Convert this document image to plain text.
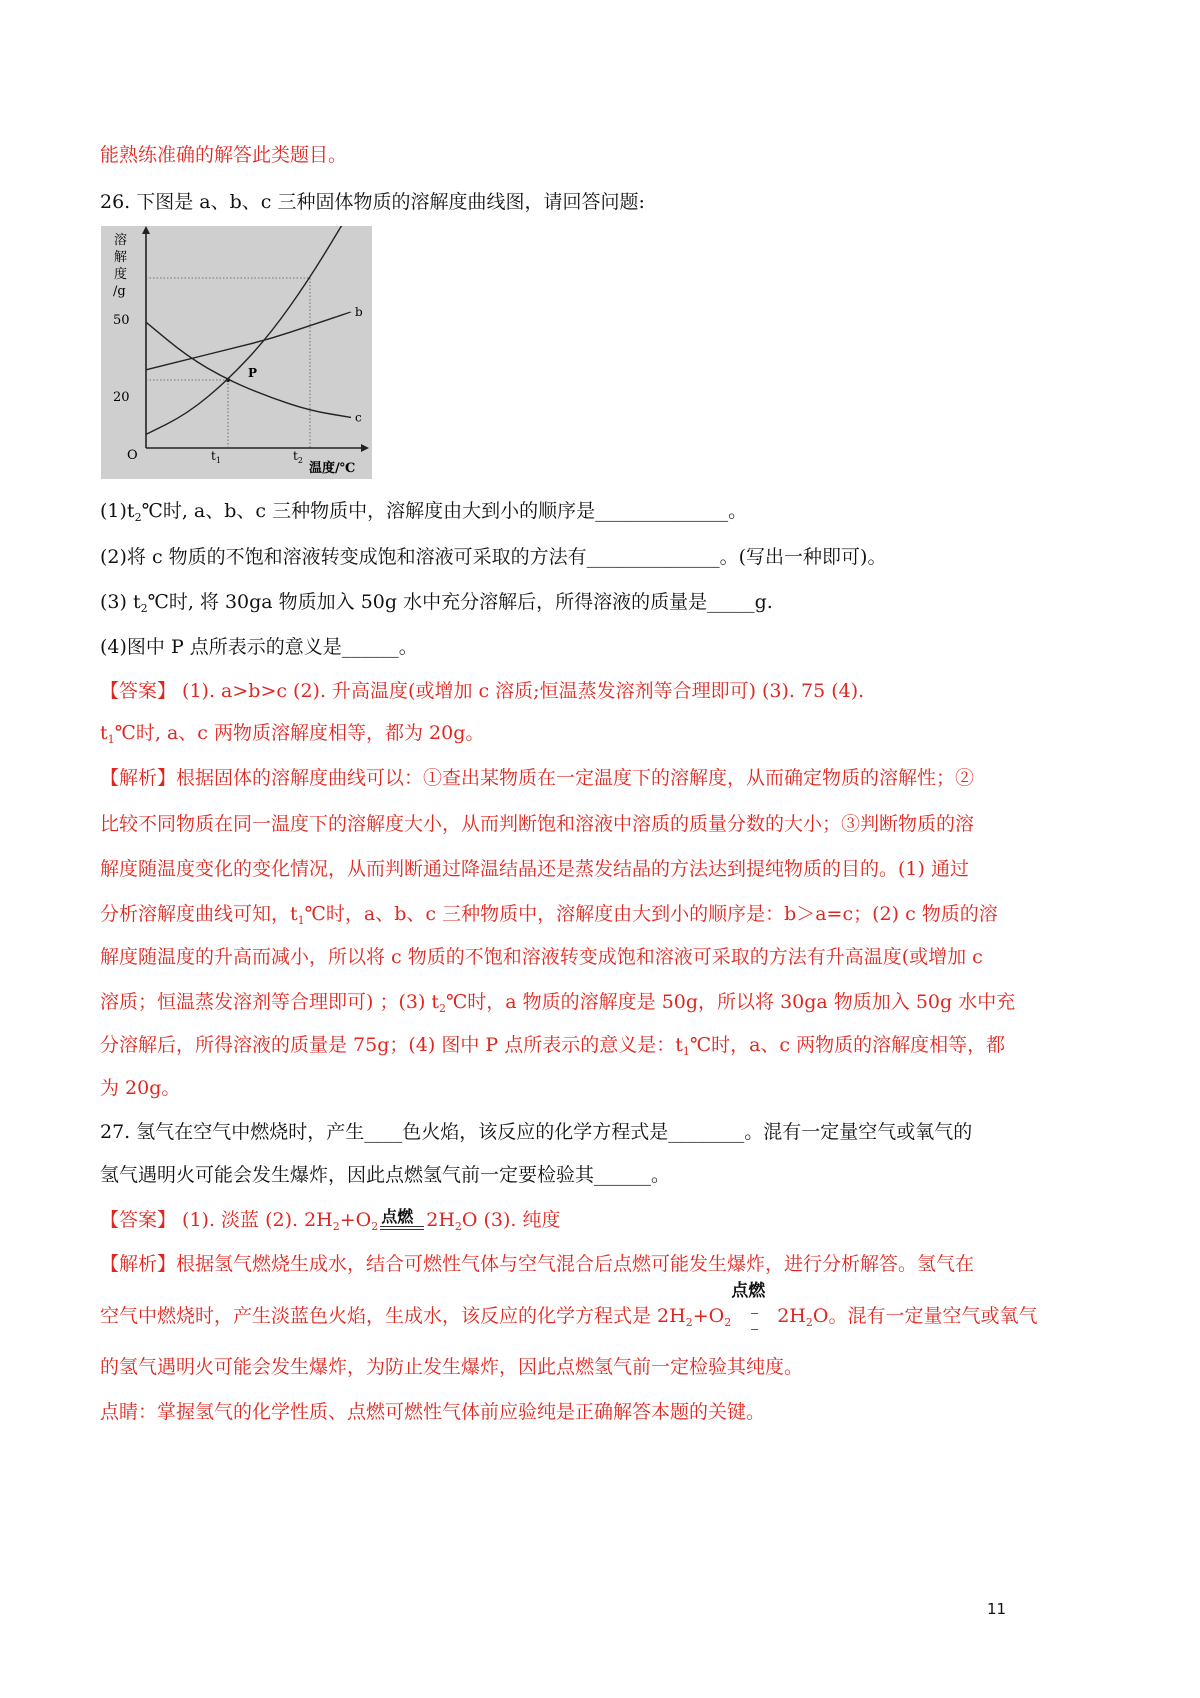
能熟练准确的解答此类题目。
26. 下图是 a、b、c 三种固体物质的溶解度曲线图，请回答问题:
溶
解
度
/g
50
20
O	$t_1$	$t_2$
温度/℃
b
c
P
$(1)t_2℃$时, a、b、c 三种物质中，溶解度由大到小的顺序是______________。
(2)将 c 物质的不饱和溶液转变成饱和溶液可采取的方法有______________。(写出一种即可)。
(3) $t_2℃$时, 将 30ga 物质加入 50g 水中充分溶解后，所得溶液的质量是_____g.
(4)图中 P 点所表示的意义是______。
【答案】 (1). a>b>c (2). 升高温度(或增加 c 溶质;恒温蒸发溶剂等合理即可) (3). 75 (4).
$t_1℃$时, a、c 两物质溶解度相等，都为 20g。
【解析】根据固体的溶解度曲线可以：①查出某物质在一定温度下的溶解度，从而确定物质的溶解性；②
比较不同物质在同一温度下的溶解度大小，从而判断饱和溶液中溶质的质量分数的大小；③判断物质的溶
解度随温度变化的变化情况，从而判断通过降温结晶还是蒸发结晶的方法达到提纯物质的目的。(1) 通过
分析溶解度曲线可知，$t_1℃$时，a、b、c 三种物质中，溶解度由大到小的顺序是：b＞a=c；(2) c 物质的溶
解度随温度的升高而减小，所以将 c 物质的不饱和溶液转变成饱和溶液可采取的方法有升高温度(或增加 c
溶质；恒温蒸发溶剂等合理即可) ；(3) $t_2℃$时，a 物质的溶解度是 50g，所以将 30ga 物质加入 50g 水中充
分溶解后，所得溶液的质量是 75g；(4) 图中 P 点所表示的意义是：$t_1℃$时，a、c 两物质的溶解度相等，都
为 20g。
27. 氢气在空气中燃烧时，产生____色火焰，该反应的化学方程式是________。混有一定量空气或氧气的
氢气遇明火可能会发生爆炸，因此点燃氢气前一定要检验其______。
【答案】 (1). 淡蓝 (2). $2H_2+O_2$
点燃 $2H_2O$ (3). 纯度
【解析】根据氢气燃烧生成水，结合可燃性气体与空气混合后点燃可能发生爆炸，进行分析解答。氢气在
空气中燃烧时，产生淡蓝色火焰，生成水，该反应的化学方程式是 $2H_2+O_2$
点燃
$2H_2O$。混有一定量空气或氧气
的氢气遇明火可能会发生爆炸，为防止发生爆炸，因此点燃氢气前一定检验其纯度。
点睛：掌握氢气的化学性质、点燃可燃性气体前应验纯是正确解答本题的关键。
11
